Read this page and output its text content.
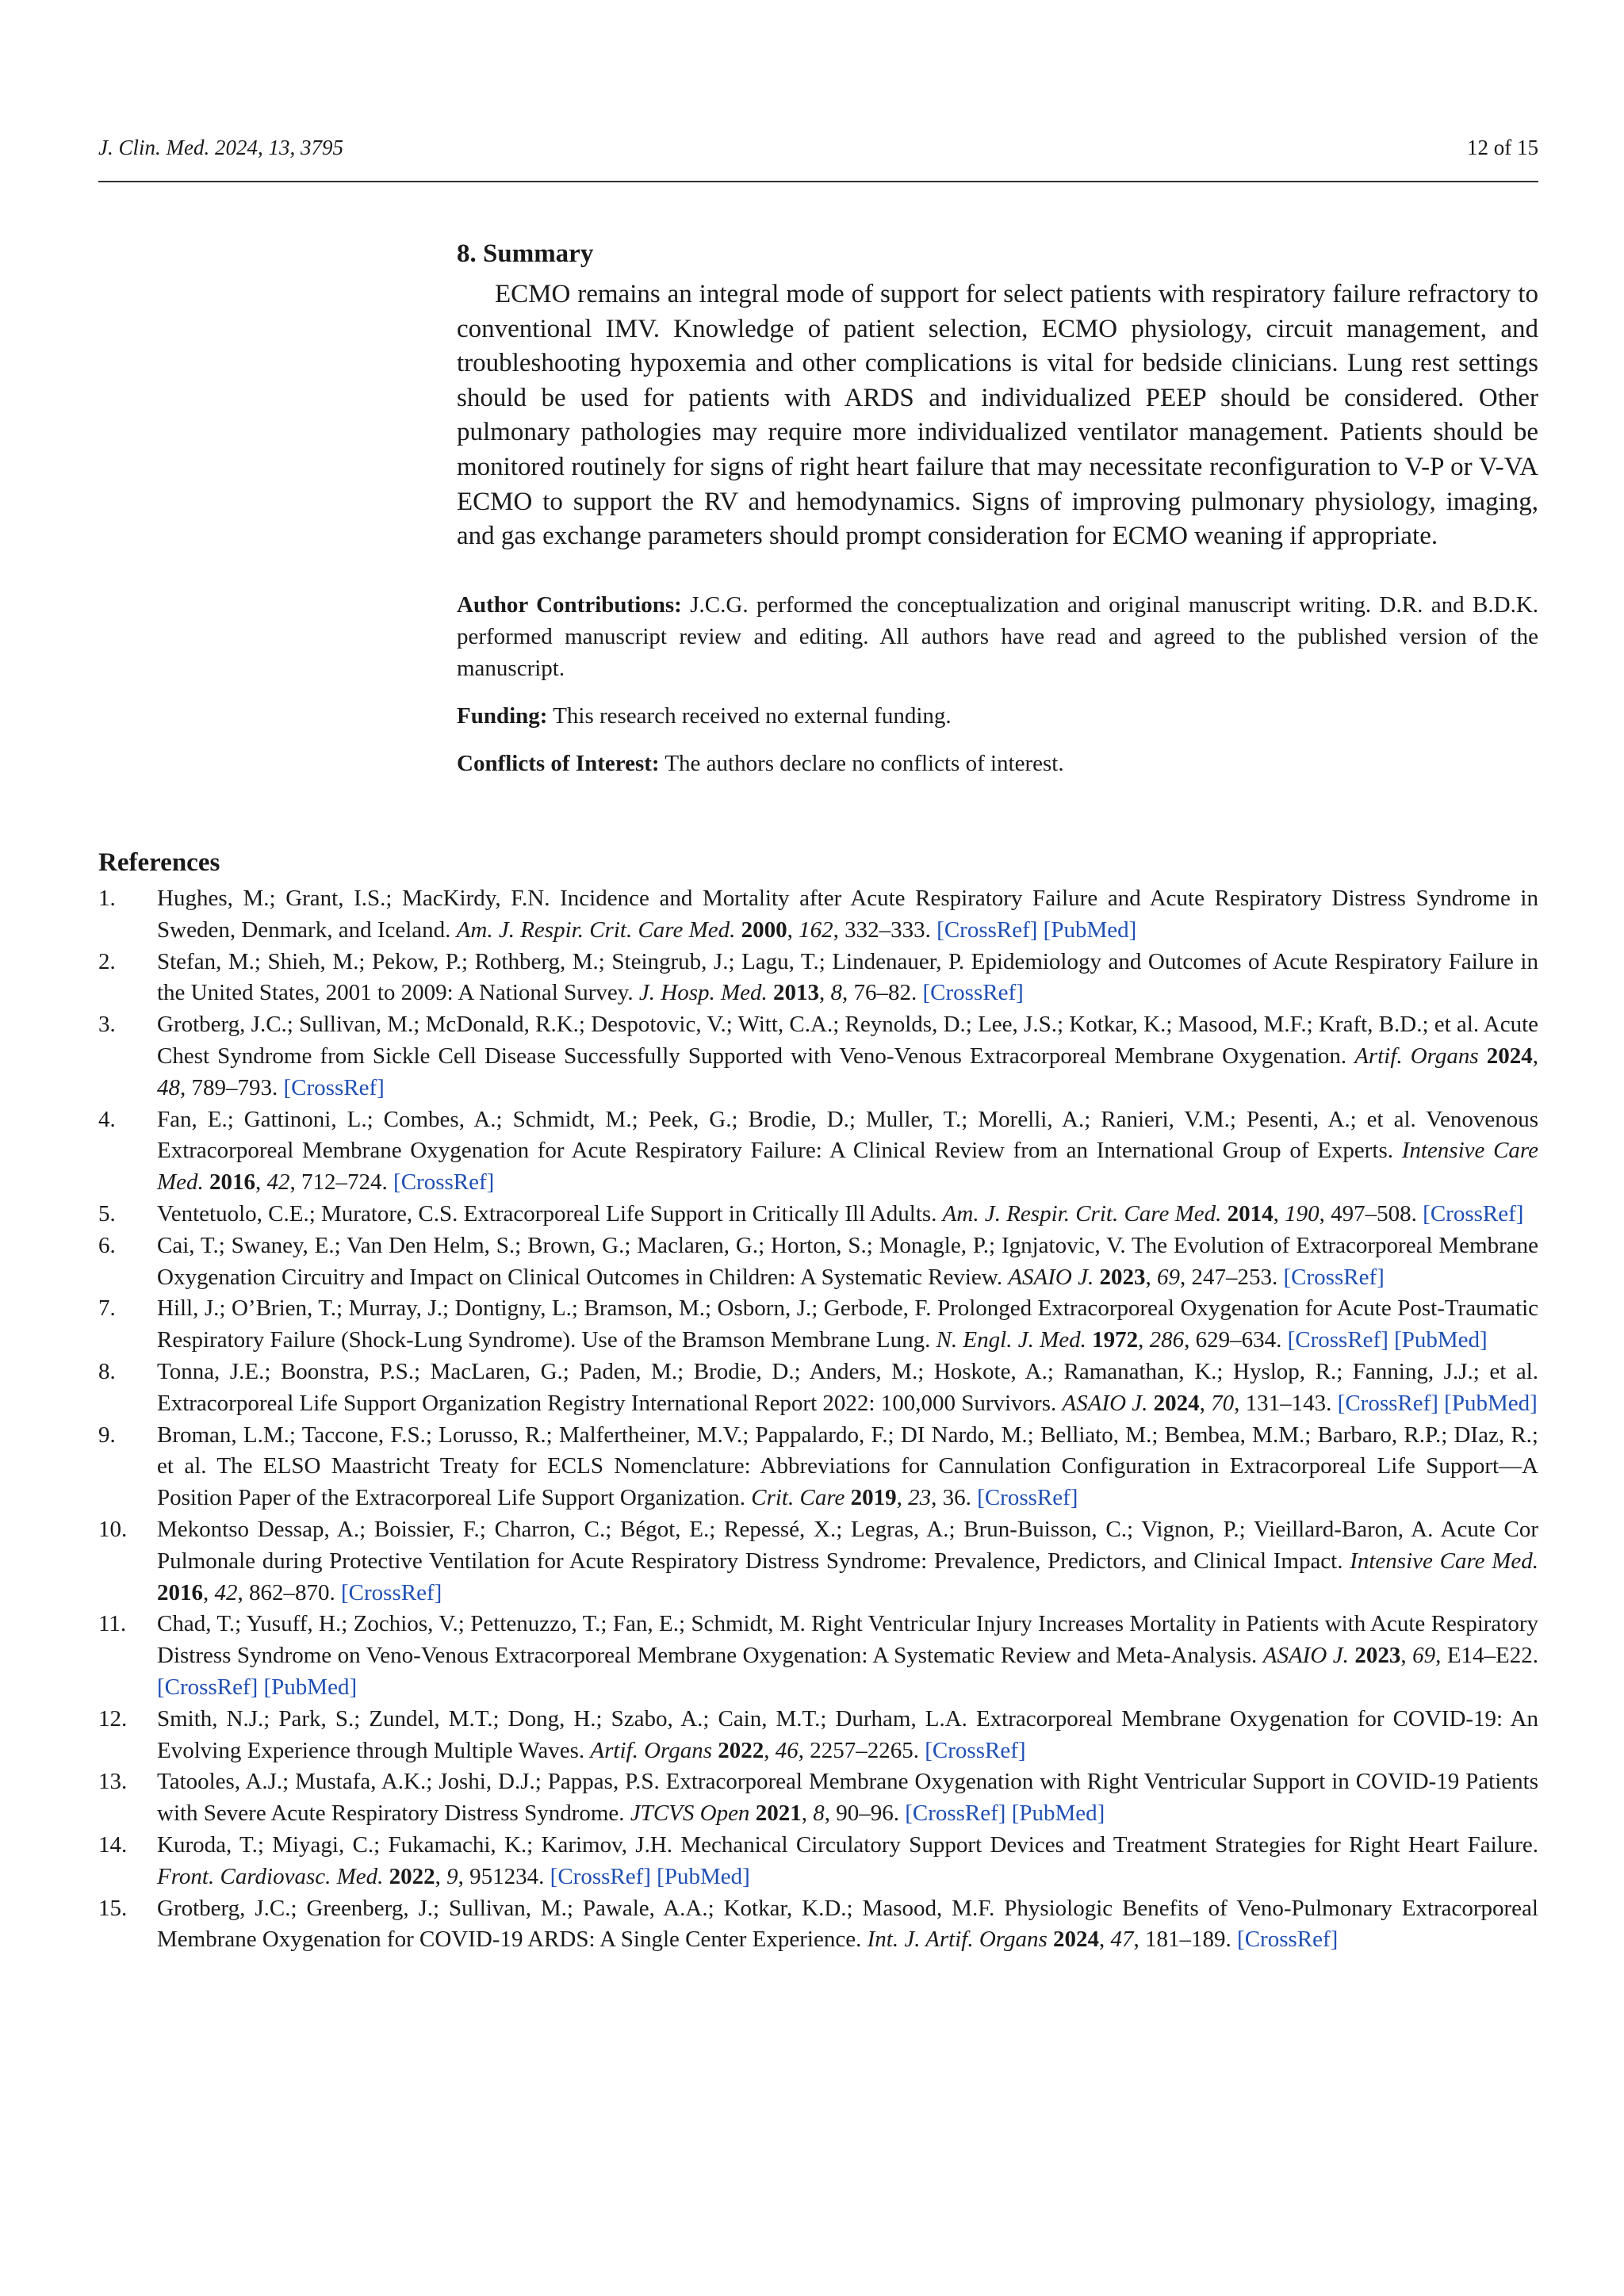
J. Clin. Med. 2024, 13, 3795	12 of 15
8. Summary

ECMO remains an integral mode of support for select patients with respiratory failure refractory to conventional IMV. Knowledge of patient selection, ECMO physiology, circuit management, and troubleshooting hypoxemia and other complications is vital for bedside clinicians. Lung rest settings should be used for patients with ARDS and individualized PEEP should be considered. Other pulmonary pathologies may require more individualized ventilator management. Patients should be monitored routinely for signs of right heart failure that may necessitate reconfiguration to V-P or V-VA ECMO to support the RV and hemodynamics. Signs of improving pulmonary physiology, imaging, and gas exchange parameters should prompt consideration for ECMO weaning if appropriate.

Author Contributions: J.C.G. performed the conceptualization and original manuscript writing. D.R. and B.D.K. performed manuscript review and editing. All authors have read and agreed to the published version of the manuscript.

Funding: This research received no external funding.

Conflicts of Interest: The authors declare no conflicts of interest.

References
1. Hughes, M.; Grant, I.S.; MacKirdy, F.N. Incidence and Mortality after Acute Respiratory Failure and Acute Respiratory Distress Syndrome in Sweden, Denmark, and Iceland. Am. J. Respir. Crit. Care Med. 2000, 162, 332–333. [CrossRef] [PubMed]
2. Stefan, M.; Shieh, M.; Pekow, P.; Rothberg, M.; Steingrub, J.; Lagu, T.; Lindenauer, P. Epidemiology and Outcomes of Acute Respiratory Failure in the United States, 2001 to 2009: A National Survey. J. Hosp. Med. 2013, 8, 76–82. [CrossRef]
3. Grotberg, J.C.; Sullivan, M.; McDonald, R.K.; Despotovic, V.; Witt, C.A.; Reynolds, D.; Lee, J.S.; Kotkar, K.; Masood, M.F.; Kraft, B.D.; et al. Acute Chest Syndrome from Sickle Cell Disease Successfully Supported with Veno-Venous Extracorporeal Membrane Oxygenation. Artif. Organs 2024, 48, 789–793. [CrossRef]
4. Fan, E.; Gattinoni, L.; Combes, A.; Schmidt, M.; Peek, G.; Brodie, D.; Muller, T.; Morelli, A.; Ranieri, V.M.; Pesenti, A.; et al. Venovenous Extracorporeal Membrane Oxygenation for Acute Respiratory Failure: A Clinical Review from an International Group of Experts. Intensive Care Med. 2016, 42, 712–724. [CrossRef]
5. Ventetuolo, C.E.; Muratore, C.S. Extracorporeal Life Support in Critically Ill Adults. Am. J. Respir. Crit. Care Med. 2014, 190, 497–508. [CrossRef]
6. Cai, T.; Swaney, E.; Van Den Helm, S.; Brown, G.; Maclaren, G.; Horton, S.; Monagle, P.; Ignjatovic, V. The Evolution of Extracorporeal Membrane Oxygenation Circuitry and Impact on Clinical Outcomes in Children: A Systematic Review. ASAIO J. 2023, 69, 247–253. [CrossRef]
7. Hill, J.; O’Brien, T.; Murray, J.; Dontigny, L.; Bramson, M.; Osborn, J.; Gerbode, F. Prolonged Extracorporeal Oxygenation for Acute Post-Traumatic Respiratory Failure (Shock-Lung Syndrome). Use of the Bramson Membrane Lung. N. Engl. J. Med. 1972, 286, 629–634. [CrossRef] [PubMed]
8. Tonna, J.E.; Boonstra, P.S.; MacLaren, G.; Paden, M.; Brodie, D.; Anders, M.; Hoskote, A.; Ramanathan, K.; Hyslop, R.; Fanning, J.J.; et al. Extracorporeal Life Support Organization Registry International Report 2022: 100,000 Survivors. ASAIO J. 2024, 70, 131–143. [CrossRef] [PubMed]
9. Broman, L.M.; Taccone, F.S.; Lorusso, R.; Malfertheiner, M.V.; Pappalardo, F.; DI Nardo, M.; Belliato, M.; Bembea, M.M.; Barbaro, R.P.; DIaz, R.; et al. The ELSO Maastricht Treaty for ECLS Nomenclature: Abbreviations for Cannulation Configuration in Extracorporeal Life Support—A Position Paper of the Extracorporeal Life Support Organization. Crit. Care 2019, 23, 36. [CrossRef]
10. Mekontso Dessap, A.; Boissier, F.; Charron, C.; Bégot, E.; Repessé, X.; Legras, A.; Brun-Buisson, C.; Vignon, P.; Vieillard-Baron, A. Acute Cor Pulmonale during Protective Ventilation for Acute Respiratory Distress Syndrome: Prevalence, Predictors, and Clinical Impact. Intensive Care Med. 2016, 42, 862–870. [CrossRef]
11. Chad, T.; Yusuff, H.; Zochios, V.; Pettenuzzo, T.; Fan, E.; Schmidt, M. Right Ventricular Injury Increases Mortality in Patients with Acute Respiratory Distress Syndrome on Veno-Venous Extracorporeal Membrane Oxygenation: A Systematic Review and Meta-Analysis. ASAIO J. 2023, 69, E14–E22. [CrossRef] [PubMed]
12. Smith, N.J.; Park, S.; Zundel, M.T.; Dong, H.; Szabo, A.; Cain, M.T.; Durham, L.A. Extracorporeal Membrane Oxygenation for COVID-19: An Evolving Experience through Multiple Waves. Artif. Organs 2022, 46, 2257–2265. [CrossRef]
13. Tatooles, A.J.; Mustafa, A.K.; Joshi, D.J.; Pappas, P.S. Extracorporeal Membrane Oxygenation with Right Ventricular Support in COVID-19 Patients with Severe Acute Respiratory Distress Syndrome. JTCVS Open 2021, 8, 90–96. [CrossRef] [PubMed]
14. Kuroda, T.; Miyagi, C.; Fukamachi, K.; Karimov, J.H. Mechanical Circulatory Support Devices and Treatment Strategies for Right Heart Failure. Front. Cardiovasc. Med. 2022, 9, 951234. [CrossRef] [PubMed]
15. Grotberg, J.C.; Greenberg, J.; Sullivan, M.; Pawale, A.A.; Kotkar, K.D.; Masood, M.F. Physiologic Benefits of Veno-Pulmonary Extracorporeal Membrane Oxygenation for COVID-19 ARDS: A Single Center Experience. Int. J. Artif. Organs 2024, 47, 181–189. [CrossRef]
